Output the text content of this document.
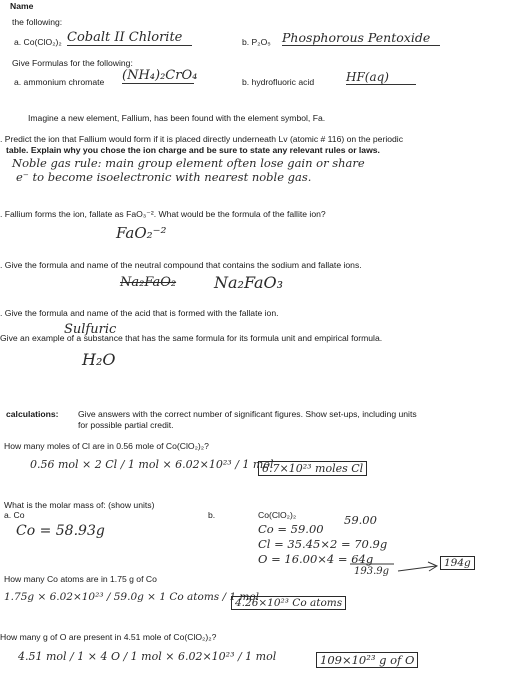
Name
the following:
a. Co(ClO₂)₂ Cobalt II Chlorite	b. P₂O₅ Phosphorous Pentoxide
Give Formulas for the following:
a. ammonium chromate (NH₄)₂CrO₄	b. hydrofluoric acid	HF(aq)
Imagine a new element, Fallium, has been found with the element symbol, Fa.
. Predict the ion that Fallium would form if it is placed directly underneath Lv (atomic # 116) on the periodic
table. Explain why you chose the ion charge and be sure to state any relevant rules or laws.
Noble gas rule: main group element often lose gain or share
e⁻ to become isoelectronic with nearest noble gas.
. Fallium forms the ion, fallate as FaO₃⁻². What would be the formula of the fallite ion?
FaO₂⁻²
. Give the formula and name of the neutral compound that contains the sodium and fallate ions.
Na₂FaO₂ Na₂FaO₃
. Give the formula and name of the acid that is formed with the fallate ion.
Sulfuric
Give an example of a substance that has the same formula for its formula unit and empirical formula.
H₂O
calculations: Give answers with the correct number of significant figures. Show set-ups, including units
for possible partial credit.
How many moles of Cl are in 0.56 mole of Co(ClO₂)₂?
0.56 mol × 2 Cl / 1 mol × 6.02×10²³ / 1 mol
6.7×10²³ moles Cl
What is the molar mass of: (show units)
a. Co
Co = 58.93g
b.	Co(ClO₂)₂
Co = 59.00
Cl = 35.45×2 = 70.9g
O = 16.00×4 = 64g
59.00
193.9g
194g
How many Co atoms are in 1.75 g of Co
1.75g × 6.02×10²³ / 59.0g × 1 Co atoms / 1 mol
4.26×10²³ Co atoms
How many g of O are present in 4.51 mole of Co(ClO₂)₂?
4.51 mol / 1 × 4 O / 1 mol × 6.02×10²³ / 1 mol	109×10²³ g of O
